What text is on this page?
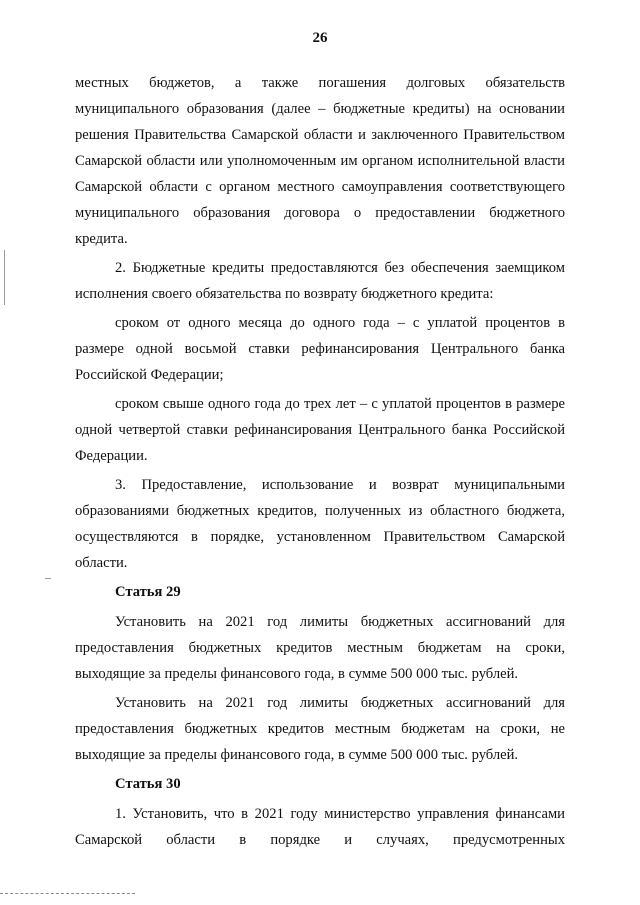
26

местных бюджетов, а также погашения долговых обязательств муниципального образования (далее – бюджетные кредиты) на основании решения Правительства Самарской области и заключенного Правительством Самарской области или уполномоченным им органом исполнительной власти Самарской области с органом местного самоуправления соответствующего муниципального образования договора о предоставлении бюджетного кредита.

2. Бюджетные кредиты предоставляются без обеспечения заемщиком исполнения своего обязательства по возврату бюджетного кредита:

сроком от одного месяца до одного года – с уплатой процентов в размере одной восьмой ставки рефинансирования Центрального банка Российской Федерации;

сроком свыше одного года до трех лет – с уплатой процентов в размере одной четвертой ставки рефинансирования Центрального банка Российской Федерации.

3. Предоставление, использование и возврат муниципальными образованиями бюджетных кредитов, полученных из областного бюджета, осуществляются в порядке, установленном Правительством Самарской области.

Статья 29

Установить на 2021 год лимиты бюджетных ассигнований для предоставления бюджетных кредитов местным бюджетам на сроки, выходящие за пределы финансового года, в сумме 500 000 тыс. рублей.

Установить на 2021 год лимиты бюджетных ассигнований для предоставления бюджетных кредитов местным бюджетам на сроки, не выходящие за пределы финансового года, в сумме 500 000 тыс. рублей.

Статья 30

1. Установить, что в 2021 году министерство управления финансами Самарской области в порядке и случаях, предусмотренных
